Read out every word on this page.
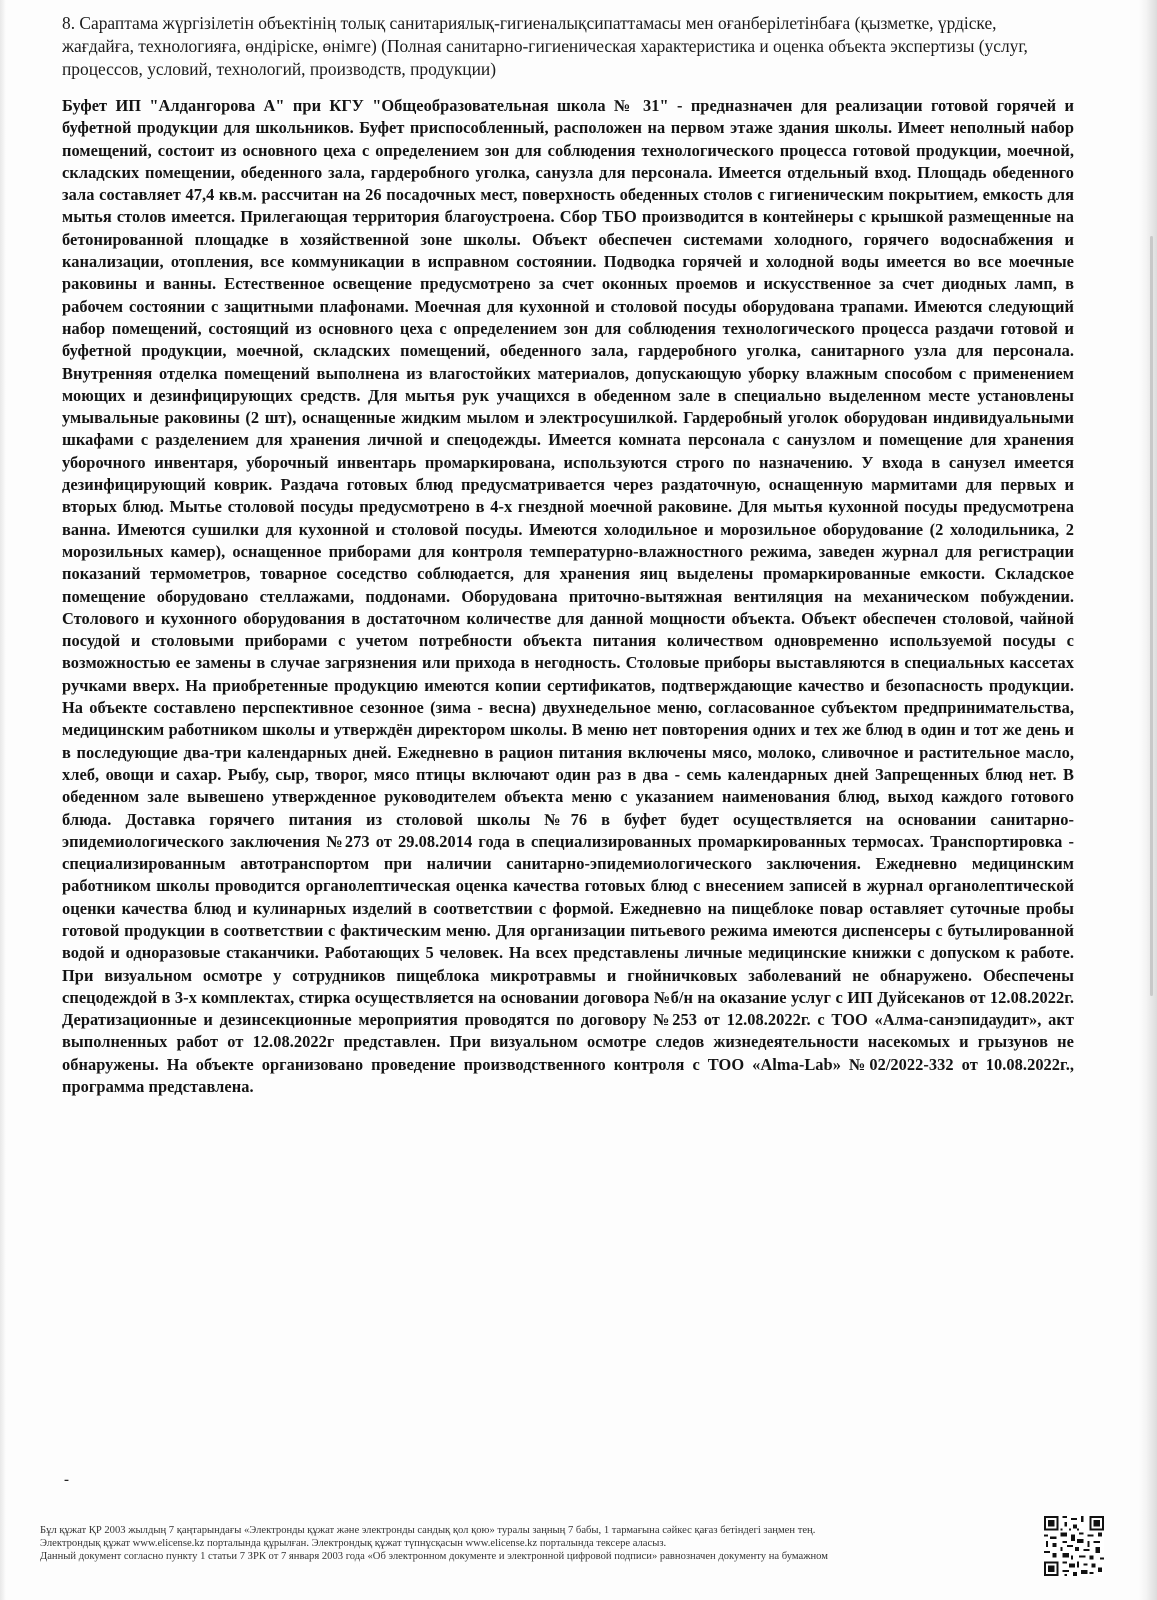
8. Сараптама жүргізілетін объектінің толық санитариялық-гигиеналықсипаттамасы мен оғанберілетінбаға (қызметке, үрдіске, жағдайға, технологияға, өндіріске, өнімге) (Полная санитарно-гигиеническая характеристика и оценка объекта экспертизы (услуг, процессов, условий, технологий, производств, продукции)

Буфет ИП "Алдангорова А" при КГУ "Общеобразовательная школа № 31" - предназначен для реализации готовой горячей и буфетной продукции для школьников. Буфет приспособленный, расположен на первом этаже здания школы. Имеет неполный набор помещений, состоит из основного цеха с определением зон для соблюдения технологического процесса готовой продукции, моечной, складских помещении, обеденного зала, гардеробного уголка, санузла для персонала. Имеется отдельный вход. Площадь обеденного зала составляет 47,4 кв.м. рассчитан на 26 посадочных мест, поверхность обеденных столов с гигиеническим покрытием, емкость для мытья столов имеется. Прилегающая территория благоустроена. Сбор ТБО производится в контейнеры с крышкой размещенные на бетонированной площадке в хозяйственной зоне школы. Объект обеспечен системами холодного, горячего водоснабжения и канализации, отопления, все коммуникации в исправном состоянии. Подводка горячей и холодной воды имеется во все моечные раковины и ванны. Естественное освещение предусмотрено за счет оконных проемов и искусственное за счет диодных ламп, в рабочем состоянии с защитными плафонами. Моечная для кухонной и столовой посуды оборудована трапами. Имеются следующий набор помещений, состоящий из основного цеха с определением зон для соблюдения технологического процесса раздачи готовой и буфетной продукции, моечной, складских помещений, обеденного зала, гардеробного уголка, санитарного узла для персонала. Внутренняя отделка помещений выполнена из влагостойких материалов, допускающую уборку влажным способом с применением моющих и дезинфицирующих средств. Для мытья рук учащихся в обеденном зале в специально выделенном месте установлены умывальные раковины (2 шт), оснащенные жидким мылом и электросушилкой. Гардеробный уголок оборудован индивидуальными шкафами с разделением для хранения личной и спецодежды. Имеется комната персонала с санузлом и помещение для хранения уборочного инвентаря, уборочный инвентарь промаркирована, используются строго по назначению. У входа в санузел имеется дезинфицирующий коврик. Раздача готовых блюд предусматривается через раздаточную, оснащенную мармитами для первых и вторых блюд. Мытье столовой посуды предусмотрено в 4-х гнездной моечной раковине. Для мытья кухонной посуды предусмотрена ванна. Имеются сушилки для кухонной и столовой посуды. Имеются холодильное и морозильное оборудование (2 холодильника, 2 морозильных камер), оснащенное приборами для контроля температурно-влажностного режима, заведен журнал для регистрации показаний термометров, товарное соседство соблюдается, для хранения яиц выделены промаркированные емкости. Складское помещение оборудовано стеллажами, поддонами. Оборудована приточно-вытяжная вентиляция на механическом побуждении. Столового и кухонного оборудования в достаточном количестве для данной мощности объекта. Объект обеспечен столовой, чайной посудой и столовыми приборами с учетом потребности объекта питания количеством одновременно используемой посуды с возможностью ее замены в случае загрязнения или прихода в негодность. Столовые приборы выставляются в специальных кассетах ручками вверх. На приобретенные продукцию имеются копии сертификатов, подтверждающие качество и безопасность продукции. На объекте составлено перспективное сезонное (зима - весна) двухнедельное меню, согласованное субъектом предпринимательства, медицинским работником школы и утверждён директором школы. В меню нет повторения одних и тех же блюд в один и тот же день и в последующие два-три календарных дней. Ежедневно в рацион питания включены мясо, молоко, сливочное и растительное масло, хлеб, овощи и сахар. Рыбу, сыр, творог, мясо птицы включают один раз в два - семь календарных дней Запрещенных блюд нет. В обеденном зале вывешено утвержденное руководителем объекта меню с указанием наименования блюд, выход каждого готового блюда. Доставка горячего питания из столовой школы №76 в буфет будет осуществляется на основании санитарно-эпидемиологического заключения №273 от 29.08.2014 года в специализированных промаркированных термосах. Транспортировка - специализированным автотранспортом при наличии санитарно-эпидемиологического заключения. Ежедневно медицинским работником школы проводится органолептическая оценка качества готовых блюд с внесением записей в журнал органолептической оценки качества блюд и кулинарных изделий в соответствии с формой. Ежедневно на пищеблоке повар оставляет суточные пробы готовой продукции в соответствии с фактическим меню. Для организации питьевого режима имеются диспенсеры с бутылированной водой и одноразовые стаканчики. Работающих 5 человек. На всех представлены личные медицинские книжки с допуском к работе. При визуальном осмотре у сотрудников пищеблока микротравмы и гнойничковых заболеваний не обнаружено. Обеспечены спецодеждой в 3-х комплектах, стирка осуществляется на основании договора №б/н на оказание услуг с ИП Дуйсеканов от 12.08.2022г. Дератизационные и дезинсекционные мероприятия проводятся по договору №253 от 12.08.2022г. с ТОО «Алма-санэпидаудит», акт выполненных работ от 12.08.2022г представлен. При визуальном осмотре следов жизнедеятельности насекомых и грызунов не обнаружены. На объекте организовано проведение производственного контроля с ТОО «Alma-Lab» №02/2022-332 от 10.08.2022г., программа представлена.

-

Бұл құжат ҚР 2003 жылдың 7 қаңтарындағы «Электронды құжат және электронды сандық қол қою» туралы заңның 7 бабы, 1 тармағына сәйкес қағаз бетіндегі заңмен тең.

Электрондық құжат www.elicense.kz порталында құрылған. Электрондық құжат түпнұсқасын www.elicense.kz порталында тексере аласыз.

Данный документ согласно пункту 1 статьи 7 ЗРК от 7 января 2003 года «Об электронном документе и электронной цифровой подписи» равнозначен документу на бумажном
